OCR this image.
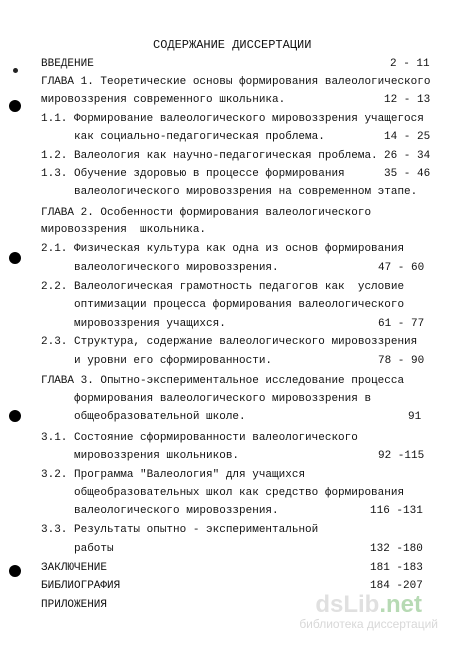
СОДЕРЖАНИЕ ДИССЕРТАЦИИ
ВВЕДЕНИЕ	2 - 11
ГЛАВА 1. Теоретические основы формирования валеологического
мировоззрения современного школьника.	12 - 13
1.1. Формирование валеологического мировоззрения учащегося
как социально-педагогическая проблема.	14 - 25
1.2. Валеология как научно-педагогическая проблема. 26 - 34
1.3. Обучение здоровью в процессе формирования	35 - 46
валеологического мировоззрения на современном этапе.
ГЛАВА 2. Особенности формирования валеологического
мировоззрения  школьника.
2.1. Физическая культура как одна из основ формирования
валеологического мировоззрения.	47 - 60
2.2. Валеологическая грамотность педагогов как  условие
оптимизации процесса формирования валеологического
мировоззрения учащихся.	61 - 77
2.3. Структура, содержание валеологического мировоззрения
и уровни его сформированности.	78 - 90
ГЛАВА 3. Опытно-экспериментальное исследование процесса
формирования валеологического мировоззрения в
общеобразовательной школе.	91
3.1. Состояние сформированности валеологического
мировоззрения школьников.	92 -115
3.2. Программа "Валеология" для учащихся
общеобразовательных школ как средство формирования
валеологического мировоззрения.	116 -131
3.3. Результаты опытно - экспериментальной
работы	132 -180
ЗАКЛЮЧЕНИЕ	181 -183
БИБЛИОГРАФИЯ	184 -207
ПРИЛОЖЕНИЯ	dsLib.net
библиотека диссертаций
